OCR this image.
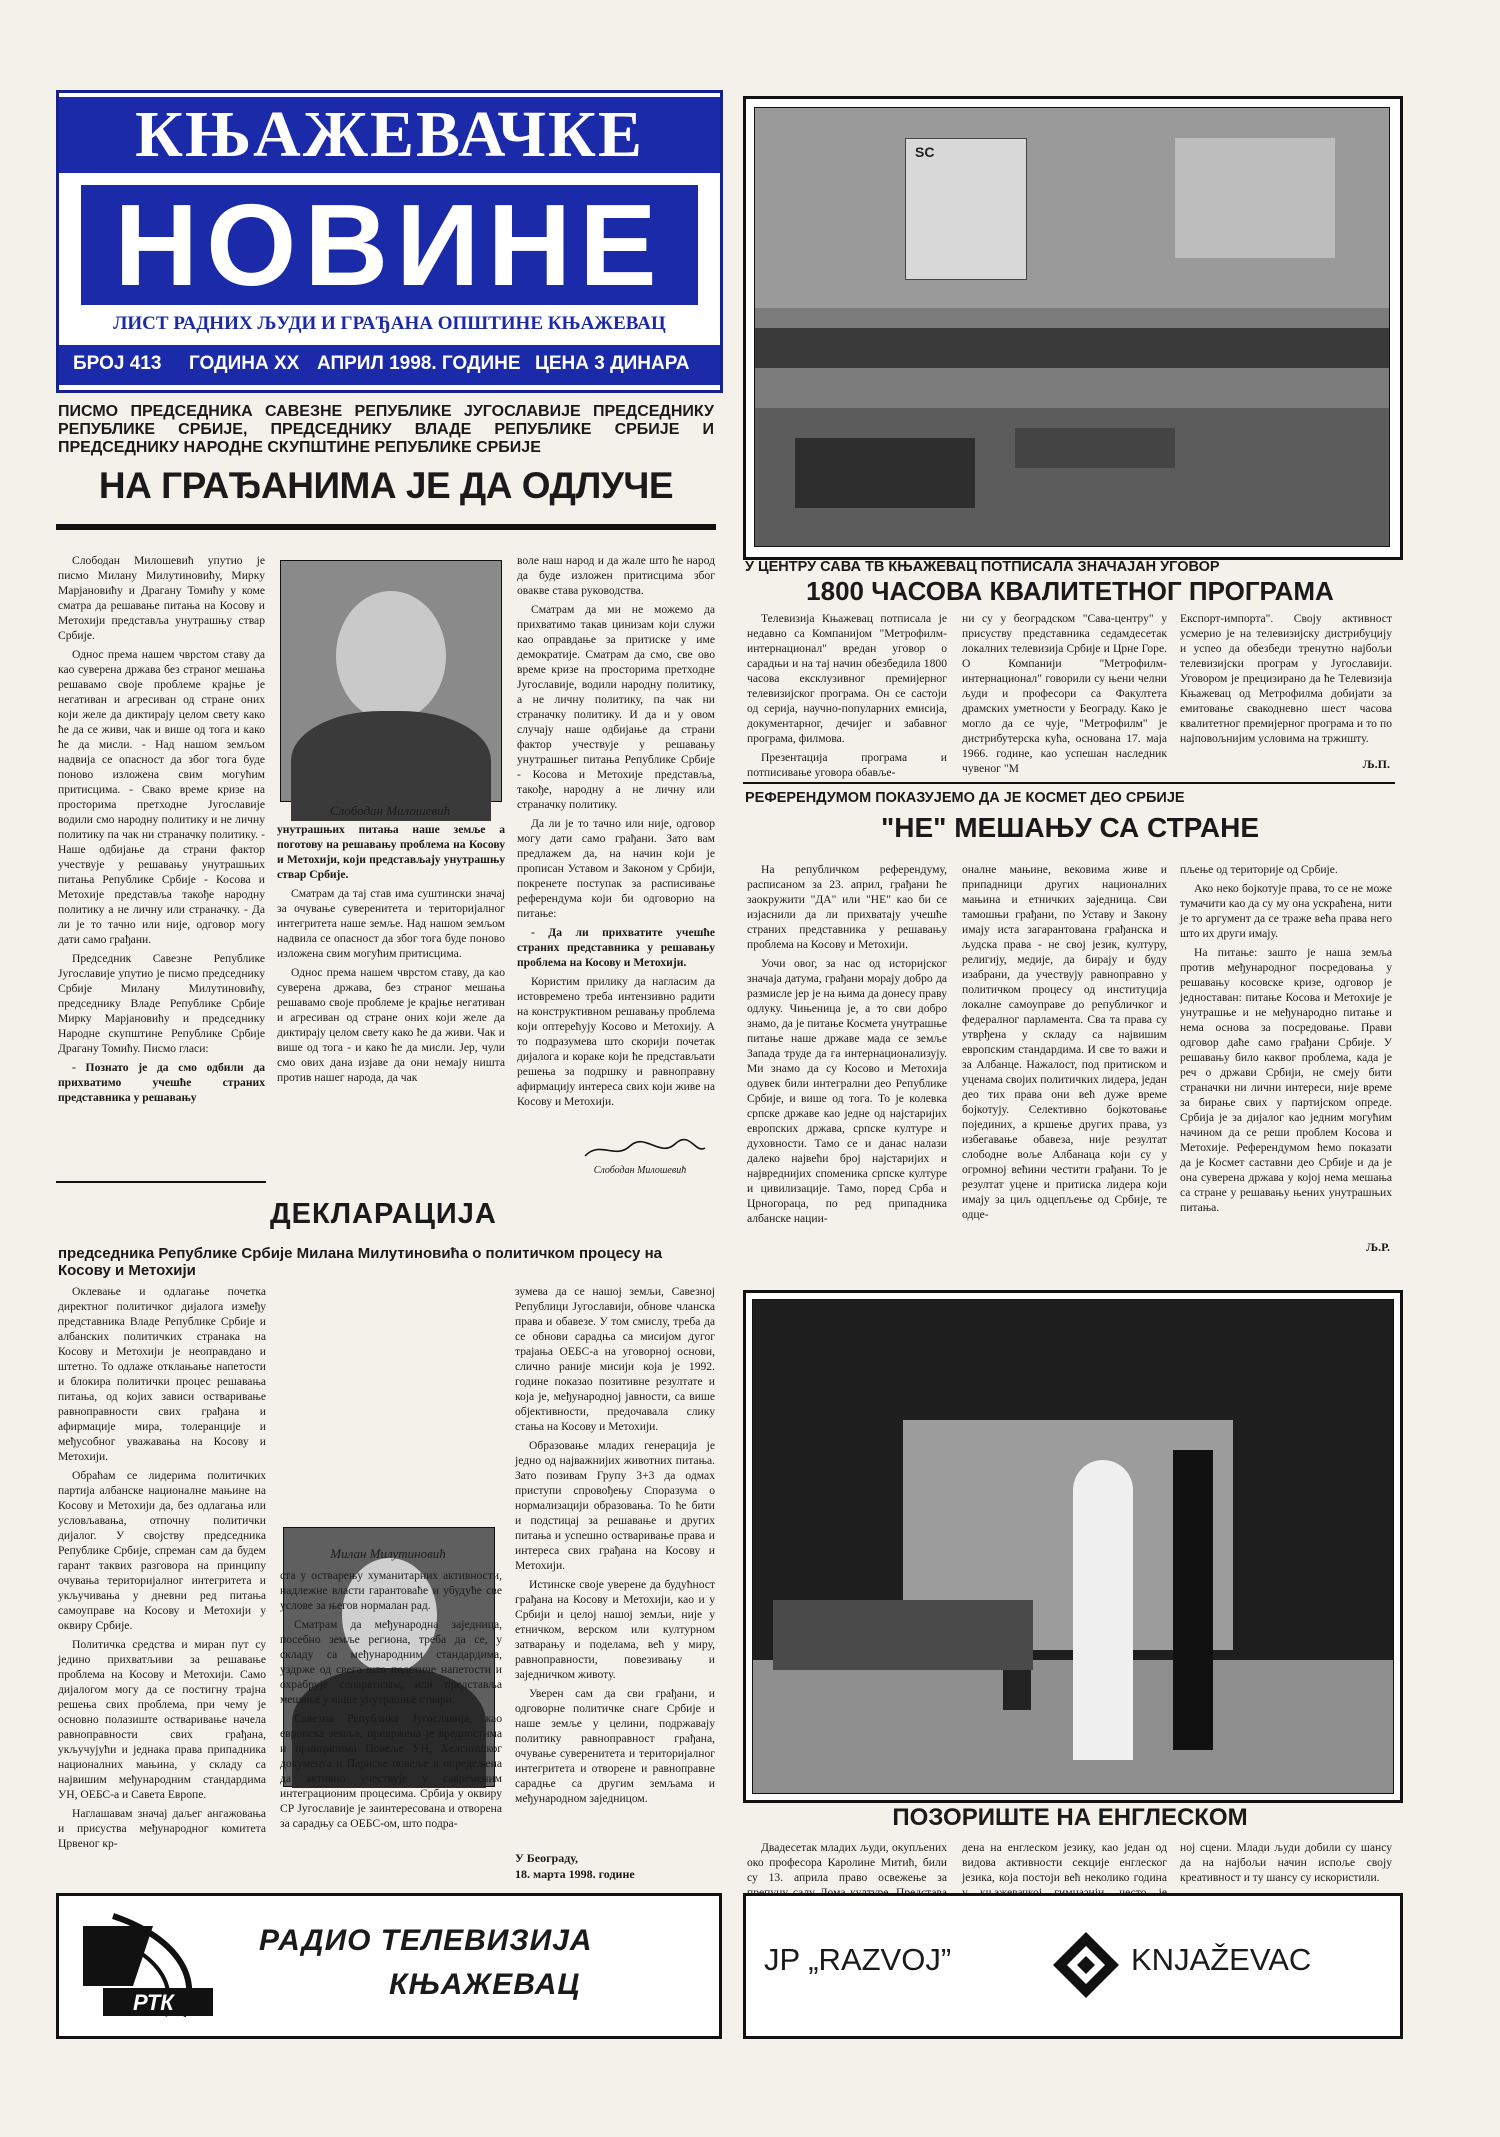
КЊАЖЕВАЧКЕ
НОВИНЕ
ЛИСТ РАДНИХ ЉУДИ И ГРАЂАНА ОПШТИНЕ КЊАЖЕВАЦ
БРОЈ 413 ГОДИНА XX АПРИЛ 1998. ГОДИНЕ ЦЕНА 3 ДИНАРА
ПИСМО ПРЕДСЕДНИКА САВЕЗНЕ РЕПУБЛИКЕ ЈУГОСЛАВИЈЕ ПРЕДСЕДНИКУ РЕПУБЛИКЕ СРБИЈЕ, ПРЕДСЕДНИКУ ВЛАДЕ РЕПУБЛИКЕ СРБИЈЕ И ПРЕДСЕДНИКУ НАРОДНЕ СКУПШТИНЕ РЕПУБЛИКЕ СРБИЈЕ
НА ГРАЂАНИМА ЈЕ ДА ОДЛУЧЕ

Слободан Милошевић упутио је писмо Милану Милутиновићу, Мирку Марјановићу и Драгану Томићу у коме сматра да решавање питања на Косову и Метохији представља унутрашњу ствар Србије.

Однос према нашем чврстом ставу да као суверена држава без страног мешања решавамо своје проблеме крајње је негативан и агресиван од стране оних који желе да диктирају целом свету како ће да се живи, чак и више од тога и како ће да мисли. - Над нашом земљом надвија се опасност да због тога буде поново изложена свим могућим притисцима. - Свако време кризе на просторима претходне Југославије водили смо народну политику и не личну политику па чак ни страначку политику. - Наше одбијање да страни фактор учествује у решавању унутрашњих питања Републике Србије - Косова и Метохије представља такође народну политику а не личну или страначку. - Да ли је то тачно или није, одговор могу дати само грађани.

Председник Савезне Републике Југославије упутио је писмо председнику Србије Милану Милутиновићу, председнику Владе Републике Србије Мирку Марјановићу и председнику Народне скупштине Републике Србије Драгану Томићу. Писмо гласи:

- Познато је да смо одбили да прихватимо учешће страних представника у решавању

Слободан Милошевић

унутрашњих питања наше земље а поготову на решавању проблема на Косову и Метохији, који представљају унутрашњу ствар Србије.

Сматрам да тај став има суштински значај за очување суверенитета и територијалног интегритета наше земље. Над нашом земљом надвила се опасност да због тога буде поново изложена свим могућим притисцима.

Однос према нашем чврстом ставу, да као суверена држава, без страног мешања решавамо своје проблеме је крајње негативан и агресиван од стране оних који желе да диктирају целом свету како ће да живи. Чак и више од тога - и како ће да мисли. Јер, чули смо ових дана изјаве да они немају ништа против нашег народа, да чак

воле наш народ и да жале што ће народ да буде изложен притисцима због овакве става руководства.

Сматрам да ми не можемо да прихватимо такав цинизам који служи као оправдање за притиске у име демократије. Сматрам да смо, све ово време кризе на просторима претходне Југославије, водили народну политику, а не личну политику, па чак ни страначку политику. И да и у овом случају наше одбијање да страни фактор учествује у решавању унутрашњег питања Републике Србије - Косова и Метохије представља, такође, народну а не личну или страначку политику.

Да ли је то тачно или није, одговор могу дати само грађани. Зато вам предлажем да, на начин који је прописан Уставом и Законом у Србији, покренете поступак за расписивање референдума који би одговорио на питање:

- Да ли прихватите учешће страних представника у решавању проблема на Косову и Метохији.

Користим прилику да нагласим да истовремено треба интензивно радити на конструктивном решавању проблема који оптерећују Косово и Метохију. А то подразумева што скорији почетак дијалога и кораке који ће представљати решења за подршку и равноправну афирмацију интереса свих који живе на Косову и Метохији.

Слободан Милошевић
ДЕКЛАРАЦИЈА
председника Републике Србије Милана Милутиновића о политичком процесу на Косову и Метохији

Оклевање и одлагање почетка директног политичког дијалога између представника Владе Републике Србије и албанских политичких странака на Косову и Метохији је неоправдано и штетно. То одлаже отклањање напетости и блокира политички процес решавања питања, од којих зависи остваривање равноправности свих грађана и афирмације мира, толеранције и међусобног уважавања на Косову и Метохији.

Обраћам се лидерима политичких партија албанске националне мањине на Косову и Метохији да, без одлагања или условљавања, отпочну политички дијалог. У својству председника Републике Србије, спреман сам да будем гарант таквих разговора на принципу очувања територијалног интегритета и укључивања у дневни ред питања самоуправе на Косову и Метохији у оквиру Србије.

Политичка средства и миран пут су једино прихватљиви за решавање проблема на Косову и Метохији. Само дијалогом могу да се постигну трајна решења свих проблема, при чему је основно полазиште остваривање начела равноправности свих грађана, укључујући и једнака права припадника националних мањина, у складу са највишим међународним стандардима УН, ОЕБС-а и Савета Европе.

Наглашавам значај даљег ангажовања и присуства међународног комитета Црвеног кр-

Милан Милутиновић

ста у остварењу хуманитарних активности, надлежне власти гарантоваће и убудуће све услове за његов нормалан рад.

Сматрам да међународна заједница, посебно земље региона, треба да се, у складу са међународним стандардима, уздрже од свега што подстиче напетости и охрабрује сепаратизам, или представља мешање у наше унутрашње ствари.

Савезна Република Југославија, као европска земља, привржена је вредностима и принципима Повеље УН, Хелсиншког документа и Париске повеље и опредељена да активно учествује у савременим интеграционим процесима. Србија у оквиру СР Југославије је заинтересована и отворена за сарадњу са ОЕБС-ом, што подра-

зумева да се нашој земљи, Савезној Републици Југославији, обнове чланска права и обавезе. У том смислу, треба да се обнови сарадња са мисијом дугог трајања ОЕБС-а на уговорној основи, слично раније мисији која је 1992. године показао позитивне резултате и која је, међународној јавности, са више објективности, предочавала слику стања на Косову и Метохији.

Образовање младих генерација је једно од најважнијих животних питања. Зато позивам Групу 3+3 да одмах приступи спровођењу Споразума о нормализацији образовања. То ће бити и подстицај за решавање и других питања и успешно остваривање права и интереса свих грађана на Косову и Метохији.

Истинске своје уверене да будућност грађана на Косову и Метохији, као и у Србији и целој нашој земљи, није у етничком, верском или културном затварању и поделама, већ у миру, равноправности, повезивању и заједничком животу.

Уверен сам да сви грађани, и одговорне политичке снаге Србије и наше земље у целини, подржавају политику равноправност грађана, очување суверенитета и територијалног интегритета и отворене и равноправне сарадње са другим земљама и међународном заједницом.

У Београду,
18. марта 1998. године
SC
У ЦЕНТРУ САВА ТВ КЊАЖЕВАЦ ПОТПИСАЛА ЗНАЧАЈАН УГОВОР
1800 ЧАСОВА КВАЛИТЕТНОГ ПРОГРАМА

Телевизија Књажевац потписала је недавно са Компанијом "Метрофилм-интернационал" вредан уговор о сарадњи и на тај начин обезбедила 1800 часова ексклузивног премијерног телевизијског програма. Он се састоји од серија, научно-популарних емисија, документарног, дечијег и забавног програма, филмова.

Презентација програма и потписивање уговора обавље-

ни су у београдском "Сава-центру" у присуству представника седамдесетак локалних телевизија Србије и Црне Горе. О Компанији "Метрофилм-интернационал" говорили су њени челни људи и професори са Факултета драмских уметности у Београду. Како је могло да се чује, "Метрофилм" је дистрибутерска кућа, основана 17. маја 1966. године, као успешан наследник чувеног "М

Експорт-импорта". Своју активност усмерио је на телевизијску дистрибуцију и успео да обезбеди тренутно најбољи телевизијски програм у Југославији. Уговором је прецизирано да ће Телевизија Књажевац од Метрофилма добијати за емитовање свакодневно шест часова квалитетног премијерног програма и то по најповољнијим условима на тржишту.

Љ.П.
РЕФЕРЕНДУМОМ ПОКАЗУЈЕМО ДА ЈЕ КОСМЕТ ДЕО СРБИЈЕ
"НЕ" МЕШАЊУ СА СТРАНЕ

На републичком референдуму, расписаном за 23. април, грађани ће заокружити "ДА" или "НЕ" као би се изјаснили да ли прихватају учешће страних представника у решавању проблема на Косову и Метохији.

Уочи овог, за нас од историјског значаја датума, грађани морају добро да размисле јер је на њима да донесу праву одлуку. Чињеница је, а то сви добро знамо, да је питање Космета унутрашње питање наше државе мада се земље Запада труде да га интернационализују. Ми знамо да су Косово и Метохија одувек били интегрални део Републике Србије, и више од тога. То је колевка српске државе као једне од најстаријих европских држава, српске културе и духовности. Тамо се и данас налази далеко највећи број најстаријих и највреднијих споменика српске културе и цивилизације. Тамо, поред Срба и Црногораца, по ред припадника албанске нации-

оналне мањине, вековима живе и припадници других националних мањина и етничких заједница. Сви тамошњи грађани, по Уставу и Закону имају иста загарантована грађанска и људска права - не свој језик, културу, религију, медије, да бирају и буду изабрани, да учествују равноправно у политичком процесу од институција локалне самоуправе до републичког и федералног парламента. Сва та права су утврђена у складу са највишим европским стандардима. И све то важи и за Албанце. Нажалост, под притиском и уценама својих политичких лидера, један део тих права они већ дуже време бојкотују. Селективно бојкотовање појединих, а кршење других права, уз избегавање обавеза, није резултат слободне воље Албанаца који су у огромној већини честити грађани. То је резултат уцене и притиска лидера који имају за циљ одцепљење од Србије, те одце-

пљење од територије од Србије.

Ако неко бојкотује права, то се не може тумачити као да су му она ускраћена, нити је то аргумент да се траже већа права него што их други имају.

На питање: зашто је наша земља против међународног посредовања у решавању косовске кризе, одговор је једноставан: питање Косова и Метохије је унутрашње и не међународно питање и нема основа за посредовање. Прави одговор даће само грађани Србије. У решавању било каквог проблема, када је реч о држави Србији, не смеју бити страначки ни лични интереси, није време за бирање свих у партијском опреде. Србија је за дијалог као једним могућим начином да се реши проблем Косова и Метохије. Референдумом ћемо показати да је Космет саставни део Србије и да је она суверена држава у којој нема мешања са стране у решавању њених унутрашњих питања.

Љ.Р.
ПОЗОРИШТЕ НА ЕНГЛЕСКОМ

Двадесетак младих људи, окупљених око професора Каролине Митић, били су 13. априла право освежење за

дена на енглеском језику, као један од видова активности секције енглеског језика, која постоји већ неколико година

ној сцени. Млади људи добили су шансу да на најбољи начин испоље своју креативност и ту шансу су искористили.

РТК
РАДИО ТЕЛЕВИЗИЈА
КЊАЖЕВАЦ
JP „RAZVOJ”	KNJAŽEVAC
